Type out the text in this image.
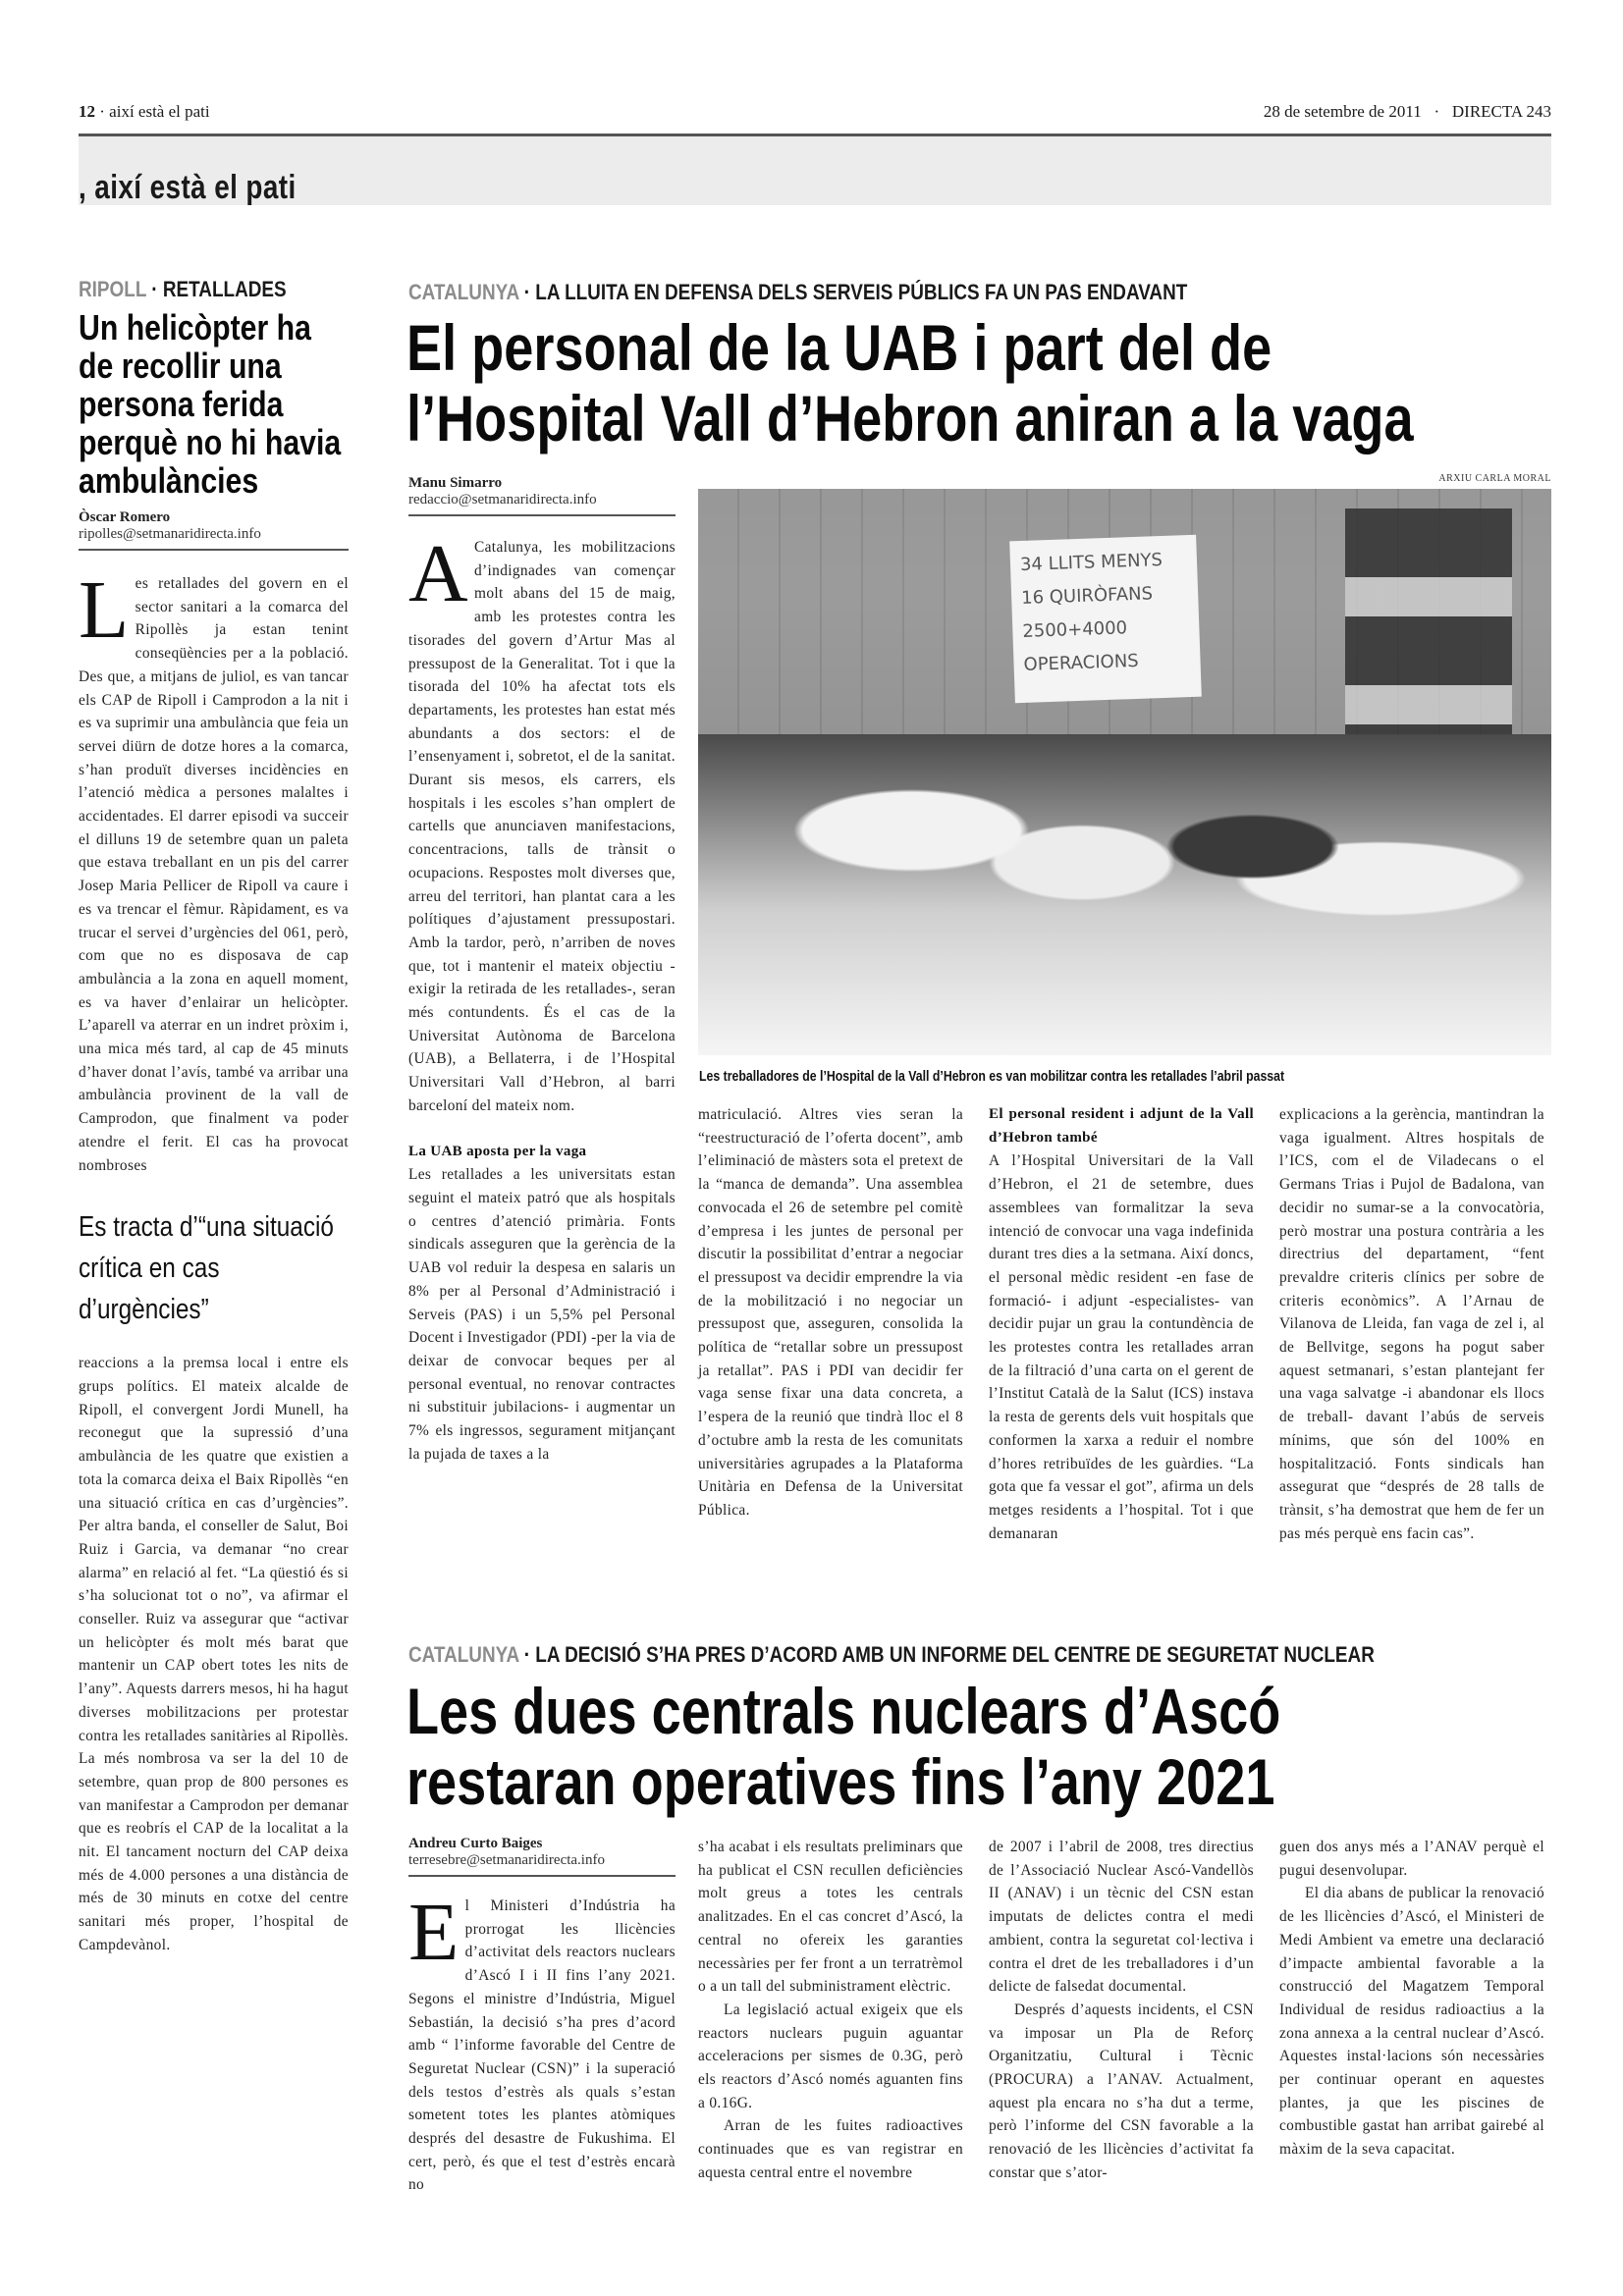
12 · així està el pati	28 de setembre de 2011 · DIRECTA 243
, així està el pati
RIPOLL · RETALLADES
Un helicòpter ha de recollir una persona ferida perquè no hi havia ambulàncies
Òscar Romero
ripolles@setmanaridirecta.info
L es retallades del govern en el sector sanitari a la comarca del Ripollès ja estan tenint conseqüències per a la població. Des que, a mitjans de juliol, es van tancar els CAP de Ripoll i Camprodon a la nit i es va suprimir una ambulància que feia un servei diürn de dotze hores a la comarca, s’han produït diverses incidències en l’atenció mèdica a persones malaltes i accidentades. El darrer episodi va succeir el dilluns 19 de setembre quan un paleta que estava treballant en un pis del carrer Josep Maria Pellicer de Ripoll va caure i es va trencar el fèmur. Ràpidament, es va trucar el servei d’urgències del 061, però, com que no es disposava de cap ambulància a la zona en aquell moment, es va haver d’enlairar un helicòpter. L’aparell va aterrar en un indret pròxim i, una mica més tard, al cap de 45 minuts d’haver donat l’avís, també va arribar una ambulància provinent de la vall de Camprodon, que finalment va poder atendre el ferit. El cas ha provocat nombroses

Es tracta d’“una situació crítica en cas d’urgències”

reaccions a la premsa local i entre els grups polítics. El mateix alcalde de Ripoll, el convergent Jordi Munell, ha reconegut que la supressió d’una ambulància de les quatre que existien a tota la comarca deixa el Baix Ripollès “en una situació crítica en cas d’urgències”. Per altra banda, el conseller de Salut, Boi Ruiz i Garcia, va demanar “no crear alarma” en relació al fet. “La qüestió és si s’ha solucionat tot o no”, va afirmar el conseller. Ruiz va assegurar que “activar un helicòpter és molt més barat que mantenir un CAP obert totes les nits de l’any”. Aquests darrers mesos, hi ha hagut diverses mobilitzacions per protestar contra les retallades sanitàries al Ripollès. La més nombrosa va ser la del 10 de setembre, quan prop de 800 persones es van manifestar a Camprodon per demanar que es reobrís el CAP de la localitat a la nit. El tancament nocturn del CAP deixa més de 4.000 persones a una distància de més de 30 minuts en cotxe del centre sanitari més proper, l’hospital de Campdevànol.

CATALUNYA · LA LLUITA EN DEFENSA DELS SERVEIS PÚBLICS FA UN PAS ENDAVANT
El personal de la UAB i part del de
l’Hospital Vall d’Hebron aniran a la vaga
Manu Simarro
redaccio@setmanaridirecta.info
ARXIU CARLA MORAL
34 LLITS MENYS 16 QUIRÒFANS 2500+4000 OPERACIONS
Les treballadores de l’Hospital de la Vall d’Hebron es van mobilitzar contra les retallades l’abril passat
A Catalunya, les mobilitzacions d’indignades van començar molt abans del 15 de maig, amb les protestes contra les tisorades del govern d’Artur Mas al pressupost de la Generalitat. Tot i que la tisorada del 10% ha afectat tots els departaments, les protestes han estat més abundants a dos sectors: el de l’ensenyament i, sobretot, el de la sanitat. Durant sis mesos, els carrers, els hospitals i les escoles s’han omplert de cartells que anunciaven manifestacions, concentracions, talls de trànsit o ocupacions. Respostes molt diverses que, arreu del territori, han plantat cara a les polítiques d’ajustament pressupostari. Amb la tardor, però, n’arriben de noves que, tot i mantenir el mateix objectiu -exigir la retirada de les retallades-, seran més contundents. És el cas de la Universitat Autònoma de Barcelona (UAB), a Bellaterra, i de l’Hospital Universitari Vall d’Hebron, al barri barceloní del mateix nom.

La UAB aposta per la vaga

Les retallades a les universitats estan seguint el mateix patró que als hospitals o centres d’atenció primària. Fonts sindicals asseguren que la gerència de la UAB vol reduir la despesa en salaris un 8% per al Personal d’Administració i Serveis (PAS) i un 5,5% pel Personal Docent i Investigador (PDI) -per la via de deixar de convocar beques per al personal eventual, no renovar contractes ni substituir jubilacions- i augmentar un 7% els ingressos, segurament mitjançant la pujada de taxes a la

matriculació. Altres vies seran la “reestructuració de l’oferta docent”, amb l’eliminació de màsters sota el pretext de la “manca de demanda”. Una assemblea convocada el 26 de setembre pel comitè d’empresa i les juntes de personal per discutir la possibilitat d’entrar a negociar el pressupost va decidir emprendre la via de la mobilització i no negociar un pressupost que, asseguren, consolida la política de “retallar sobre un pressupost ja retallat”. PAS i PDI van decidir fer vaga sense fixar una data concreta, a l’espera de la reunió que tindrà lloc el 8 d’octubre amb la resta de les comunitats universitàries agrupades a la Plataforma Unitària en Defensa de la Universitat Pública.

El personal resident i adjunt de la Vall d’Hebron també

A l’Hospital Universitari de la Vall d’Hebron, el 21 de setembre, dues assemblees van formalitzar la seva intenció de convocar una vaga indefinida durant tres dies a la setmana. Així doncs, el personal mèdic resident -en fase de formació- i adjunt -especialistes- van decidir pujar un grau la contundència de les protestes contra les retallades arran de la filtració d’una carta on el gerent de l’Institut Català de la Salut (ICS) instava la resta de gerents dels vuit hospitals que conformen la xarxa a reduir el nombre d’hores retribuïdes de les guàrdies. “La gota que fa vessar el got”, afirma un dels metges residents a l’hospital. Tot i que demanaran

explicacions a la gerència, mantindran la vaga igualment. Altres hospitals de l’ICS, com el de Viladecans o el Germans Trias i Pujol de Badalona, van decidir no sumar-se a la convocatòria, però mostrar una postura contrària a les directrius del departament, “fent prevaldre criteris clínics per sobre de criteris econòmics”. A l’Arnau de Vilanova de Lleida, fan vaga de zel i, al de Bellvitge, segons ha pogut saber aquest setmanari, s’estan plantejant fer una vaga salvatge -i abandonar els llocs de treball- davant l’abús de serveis mínims, que són del 100% en hospitalització. Fonts sindicals han assegurat que “després de 28 talls de trànsit, s’ha demostrat que hem de fer un pas més perquè ens facin cas”.

CATALUNYA · LA DECISIÓ S’HA PRES D’ACORD AMB UN INFORME DEL CENTRE DE SEGURETAT NUCLEAR
Les dues centrals nuclears d’Ascó
restaran operatives fins l’any 2021
Andreu Curto Baiges
terresebre@setmanaridirecta.info
E l Ministeri d’Indústria ha prorrogat les llicències d’activitat dels reactors nuclears d’Ascó I i II fins l’any 2021. Segons el ministre d’Indústria, Miguel Sebastián, la decisió s’ha pres d’acord amb “ l’informe favorable del Centre de Seguretat Nuclear (CSN)” i la superació dels testos d’estrès als quals s’estan sometent totes les plantes atòmiques després del desastre de Fukushima. El cert, però, és que el test d’estrès encarà no

s’ha acabat i els resultats preliminars que ha publicat el CSN recullen deficiències molt greus a totes les centrals analitzades. En el cas concret d’Ascó, la central no ofereix les garanties necessàries per fer front a un terratrèmol o a un tall del subministrament elèctric.

La legislació actual exigeix que els reactors nuclears puguin aguantar acceleracions per sismes de 0.3G, però els reactors d’Ascó només aguanten fins a 0.16G.

Arran de les fuites radioactives continuades que es van registrar en aquesta central entre el novembre

de 2007 i l’abril de 2008, tres directius de l’Associació Nuclear Ascó-Vandellòs II (ANAV) i un tècnic del CSN estan imputats de delictes contra el medi ambient, contra la seguretat col·lectiva i contra el dret de les treballadores i d’un delicte de falsedat documental.

Després d’aquests incidents, el CSN va imposar un Pla de Reforç Organitzatiu, Cultural i Tècnic (PROCURA) a l’ANAV. Actualment, aquest pla encara no s’ha dut a terme, però l’informe del CSN favorable a la renovació de les llicències d’activitat fa constar que s’ator-

guen dos anys més a l’ANAV perquè el pugui desenvolupar.

El dia abans de publicar la renovació de les llicències d’Ascó, el Ministeri de Medi Ambient va emetre una declaració d’impacte ambiental favorable a la construcció del Magatzem Temporal Individual de residus radioactius a la zona annexa a la central nuclear d’Ascó. Aquestes instal·lacions són necessàries per continuar operant en aquestes plantes, ja que les piscines de combustible gastat han arribat gairebé al màxim de la seva capacitat.
